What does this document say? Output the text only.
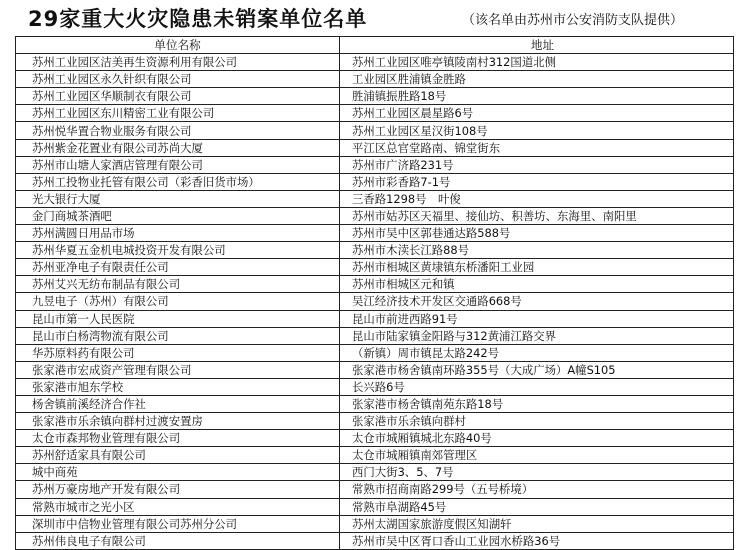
29家重大火灾隐患未销案单位名单	（该名单由苏州市公安消防支队提供）
单位名称	地址
苏州工业园区洁美再生资源利用有限公司	苏州工业园区唯亭镇陵南村312国道北侧
苏州工业园区永久针织有限公司	工业园区胜浦镇金胜路
苏州工业园区华顺制衣有限公司	胜浦镇振胜路18号
苏州工业园区东川精密工业有限公司	苏州工业园区晨星路6号
苏州悦华置合物业服务有限公司	苏州工业园区星汉街108号
苏州紫金花置业有限公司苏尚大厦	平江区总官堂路南、锦堂街东
苏州市山塘人家酒店管理有限公司	苏州市广济路231号
苏州工投物业托管有限公司（彩香旧货市场）	苏州市彩香路7-1号
光大银行大厦	三香路1298号　叶俊
金门商城茶酒吧	苏州市姑苏区天福里、接仙坊、积善坊、东海里、南阳里
苏州满圆日用品市场	苏州市吴中区郭巷通达路588号
苏州华夏五金机电城投资开发有限公司	苏州市木渎长江路88号
苏州亚净电子有限责任公司	苏州市相城区黄埭镇东桥潘阳工业园
苏州艾兴无纺布制品有限公司	苏州市相城区元和镇
九昱电子（苏州）有限公司	吴江经济技术开发区交通路668号
昆山市第一人民医院	昆山市前进西路91号
昆山市白杨湾物流有限公司	昆山市陆家镇金阳路与312黄浦江路交界
华苏原料药有限公司	（新镇）周市镇昆太路242号
张家港市宏成资产管理有限公司	张家港市杨舍镇南环路355号（大成广场）A幢S105
张家港市旭东学校	长兴路6号
杨舍镇前溪经济合作社	张家港市杨舍镇南苑东路18号
张家港市乐余镇向群村过渡安置房	张家港市乐余镇向群村
太仓市森邦物业管理有限公司	太仓市城厢镇城北东路40号
苏州舒适家具有限公司	太仓市城厢镇南郊管理区
城中商苑	西门大街3、5、7号
苏州万豪房地产开发有限公司	常熟市招商南路299号（五号桥境）
常熟市城市之光小区	常熟市阜湖路45号
深圳市中信物业管理有限公司苏州分公司	苏州太湖国家旅游度假区知湖轩
苏州伟良电子有限公司	苏州市吴中区胥口香山工业园水桥路36号
